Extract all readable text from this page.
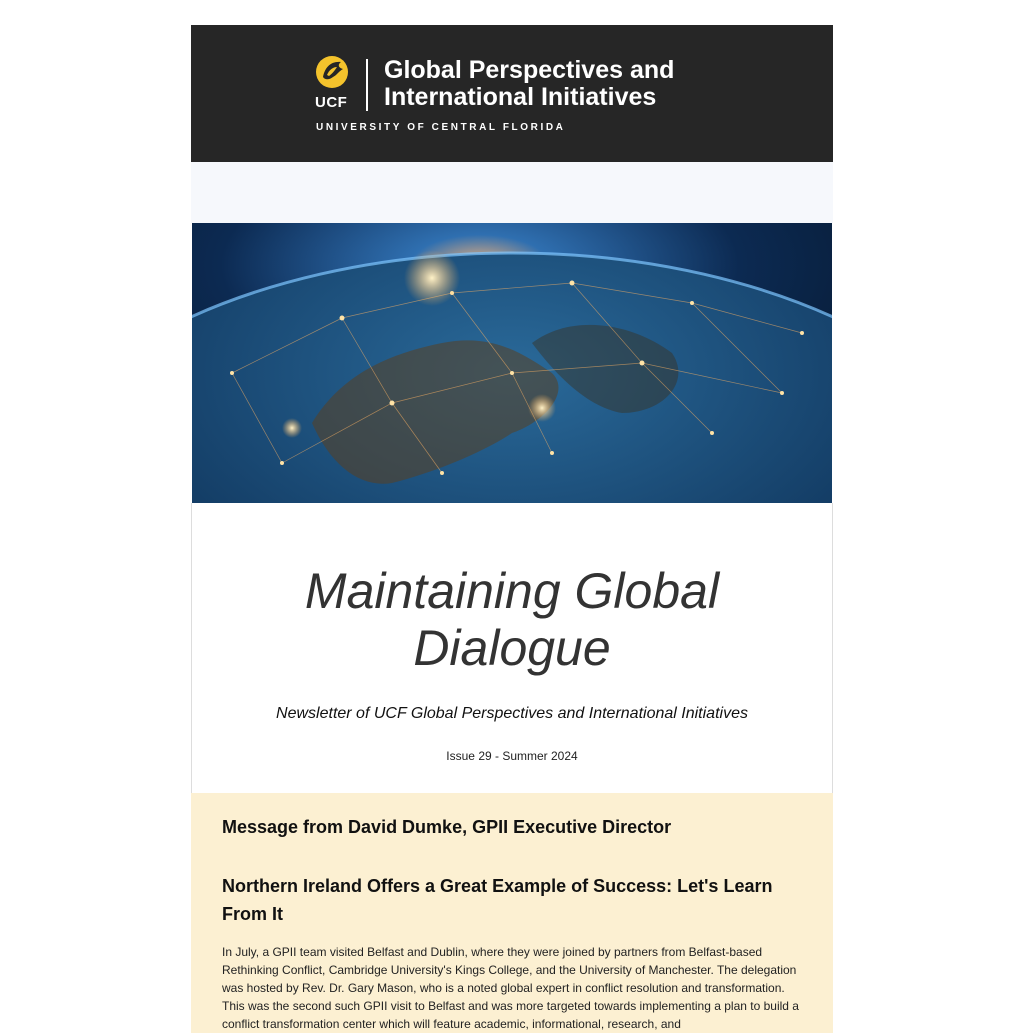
UCF
Global Perspectives and International Initiatives
UNIVERSITY OF CENTRAL FLORIDA
Maintaining Global Dialogue
Newsletter of UCF Global Perspectives and International Initiatives
Issue 29 - Summer 2024
Message from David Dumke, GPII Executive Director
Northern Ireland Offers a Great Example of Success: Let's Learn From It

In July, a GPII team visited Belfast and Dublin, where they were joined by partners from Belfast-based Rethinking Conflict, Cambridge University's Kings College, and the University of Manchester. The delegation was hosted by Rev. Dr. Gary Mason, who is a noted global expert in conflict resolution and transformation. This was the second such GPII visit to Belfast and was more targeted towards implementing a plan to build a conflict transformation center which will feature academic, informational, research, and
